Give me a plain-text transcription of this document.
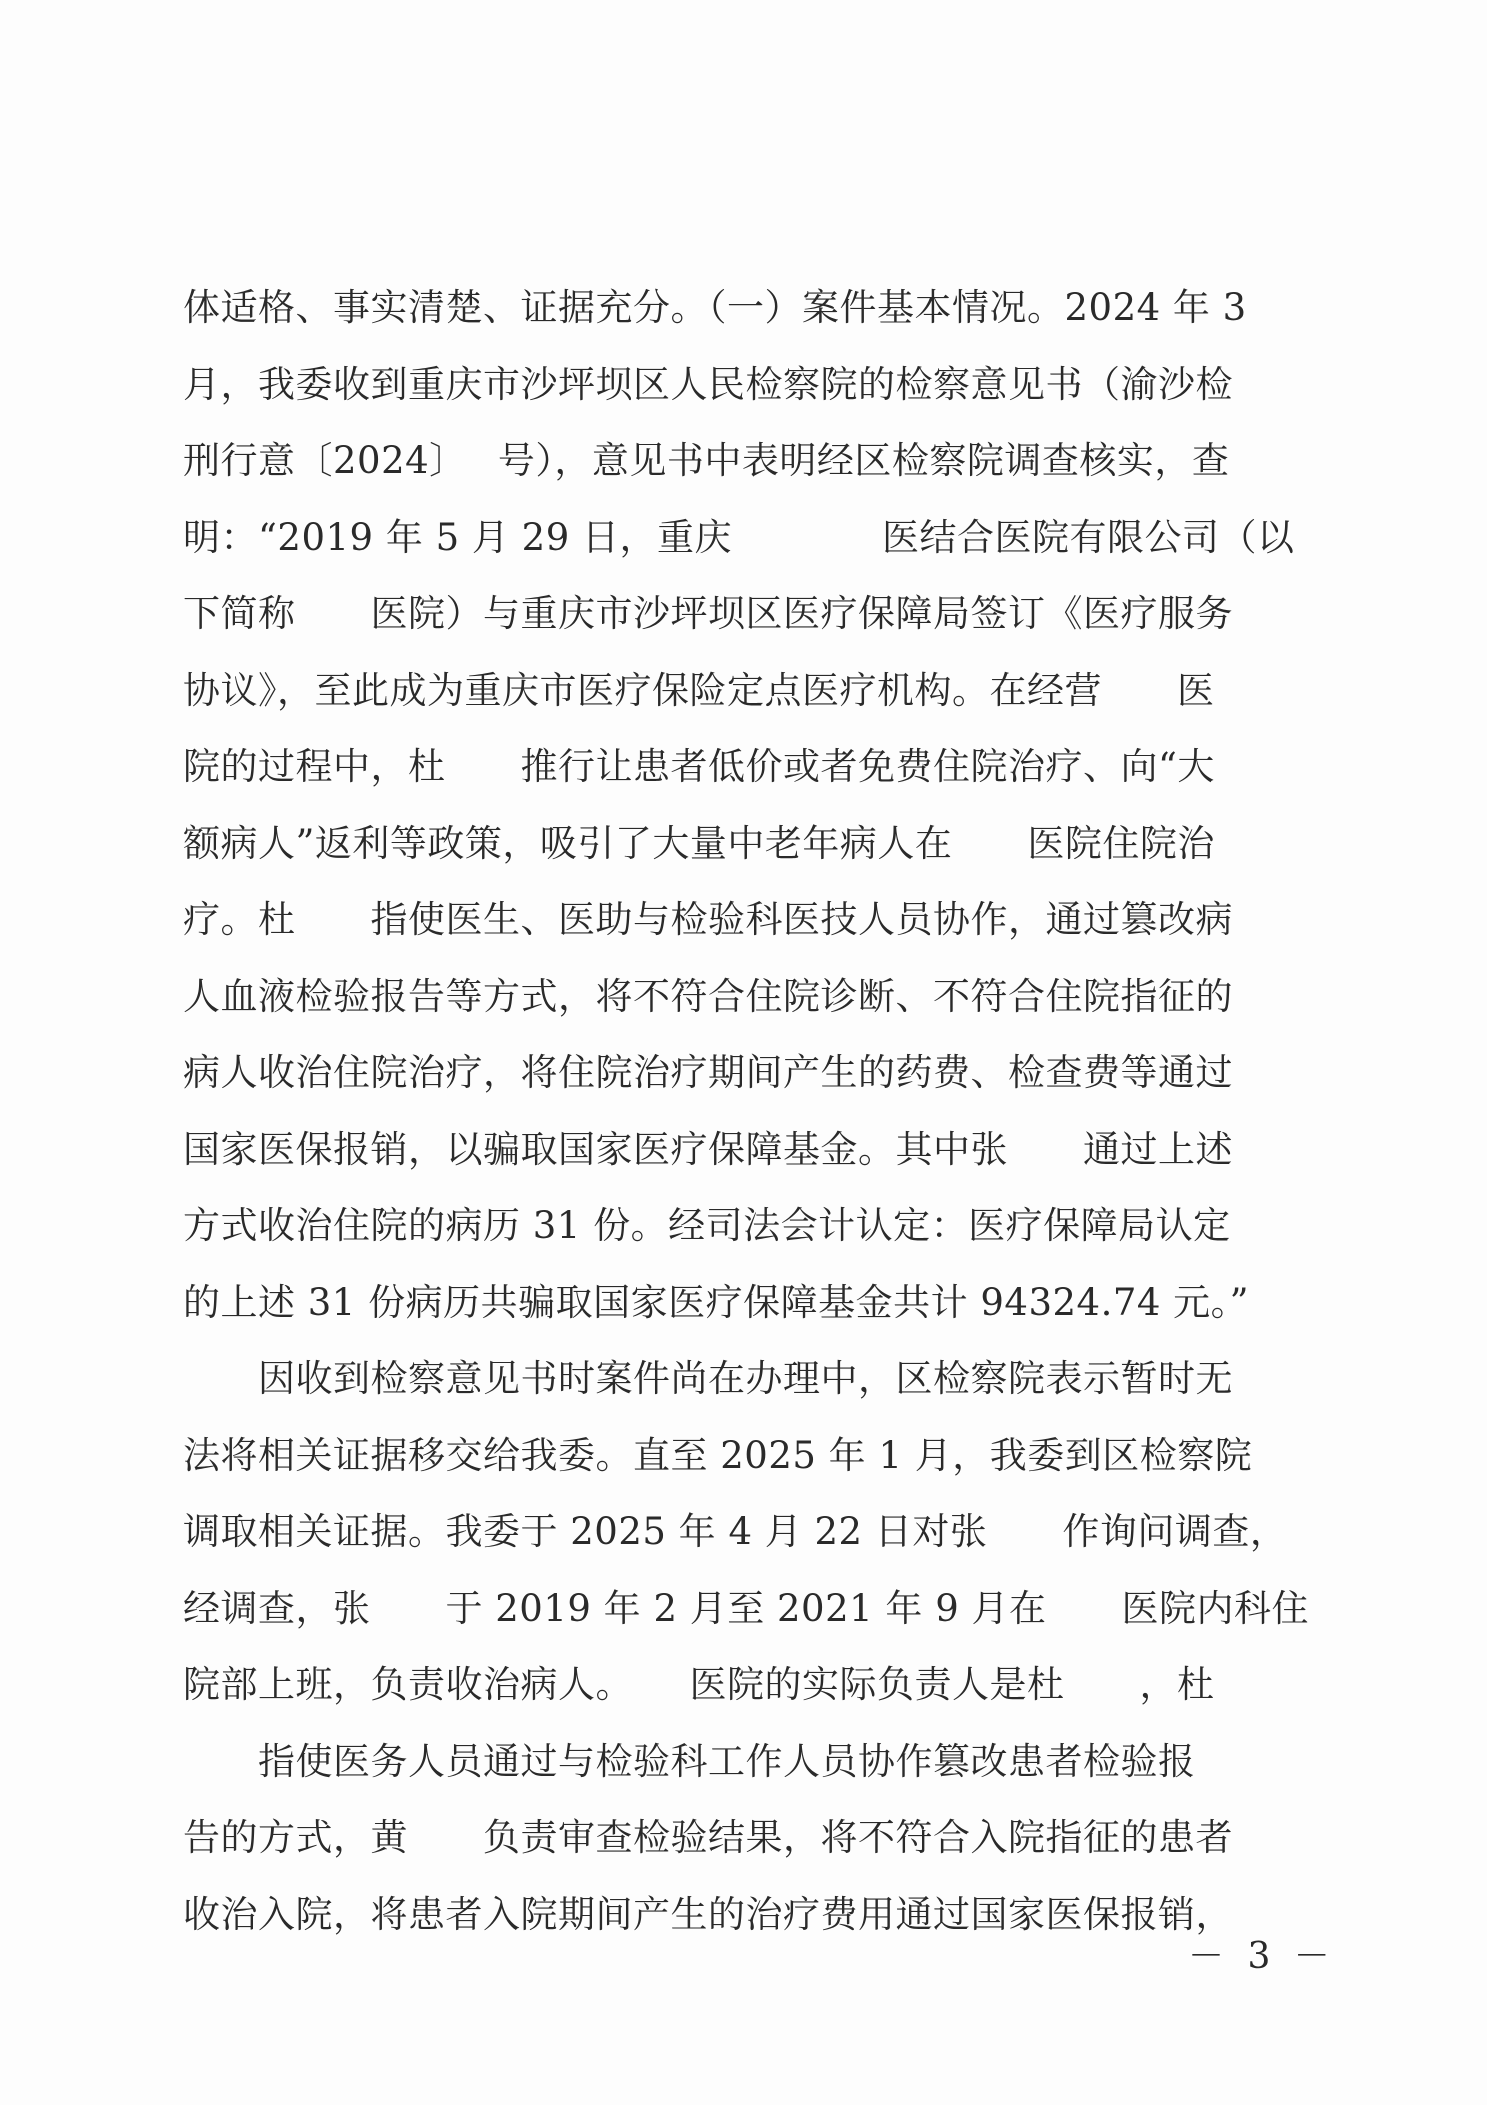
体适格、事实清楚、证据充分。（一）案件基本情况。2024 年 3
月，我委收到重庆市沙坪坝区人民检察院的检察意见书（渝沙检
刑行意〔2024〕　 号），意见书中表明经区检察院调查核实，查
明：“2019 年 5 月 29 日，重庆　　　　医结合医院有限公司（以
下简称　　医院）与重庆市沙坪坝区医疗保障局签订《医疗服务
协议》，至此成为重庆市医疗保险定点医疗机构。在经营　　医
院的过程中，杜　　推行让患者低价或者免费住院治疗、向“大
额病人”返利等政策，吸引了大量中老年病人在　　医院住院治
疗。杜　　指使医生、医助与检验科医技人员协作，通过篡改病
人血液检验报告等方式，将不符合住院诊断、不符合住院指征的
病人收治住院治疗，将住院治疗期间产生的药费、检查费等通过
国家医保报销，以骗取国家医疗保障基金。其中张　　通过上述
方式收治住院的病历 31 份。经司法会计认定：医疗保障局认定
的上述 31 份病历共骗取国家医疗保障基金共计 94324.74 元。”
　　因收到检察意见书时案件尚在办理中，区检察院表示暂时无
法将相关证据移交给我委。直至 2025 年 1 月，我委到区检察院
调取相关证据。我委于 2025 年 4 月 22 日对张　　作询问调查，
经调查，张　　于 2019 年 2 月至 2021 年 9 月在　　医院内科住
院部上班，负责收治病人。　　医院的实际负责人是杜　　，杜
　　指使医务人员通过与检验科工作人员协作篡改患者检验报
告的方式，黄　　负责审查检验结果，将不符合入院指征的患者
收治入院，将患者入院期间产生的治疗费用通过国家医保报销，
－ 3 －
